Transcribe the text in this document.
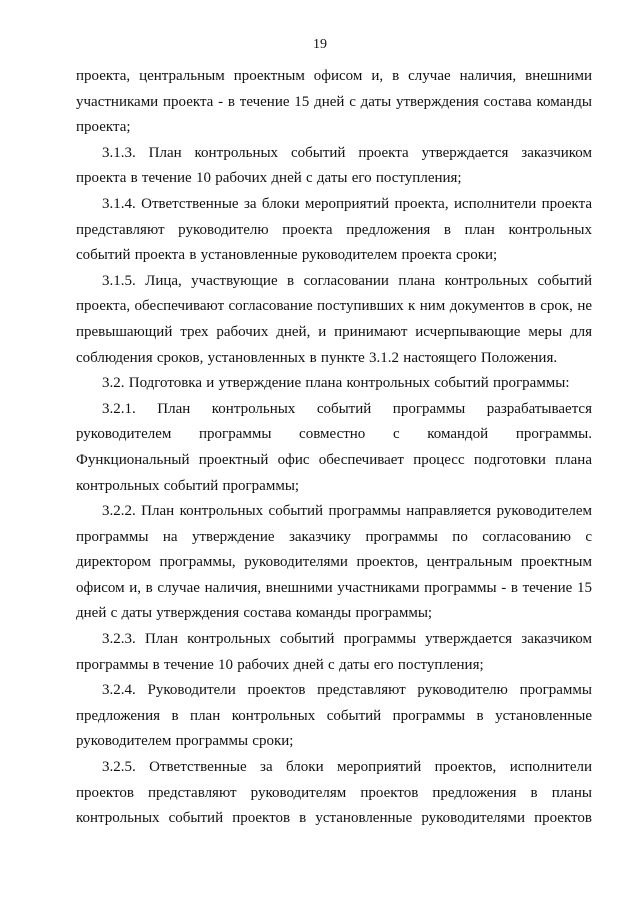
19

проекта, центральным проектным офисом и, в случае наличия, внешними участниками проекта - в течение 15 дней с даты утверждения состава команды проекта;

3.1.3. План контрольных событий проекта утверждается заказчиком проекта в течение 10 рабочих дней с даты его поступления;

3.1.4. Ответственные за блоки мероприятий проекта, исполнители проекта представляют руководителю проекта предложения в план контрольных событий проекта в установленные руководителем проекта сроки;

3.1.5. Лица, участвующие в согласовании плана контрольных событий проекта, обеспечивают согласование поступивших к ним документов в срок, не превышающий трех рабочих дней, и принимают исчерпывающие меры для соблюдения сроков, установленных в пункте 3.1.2 настоящего Положения.

3.2. Подготовка и утверждение плана контрольных событий программы:

3.2.1. План контрольных событий программы разрабатывается руководителем программы совместно с командой программы. Функциональный проектный офис обеспечивает процесс подготовки плана контрольных событий программы;

3.2.2. План контрольных событий программы направляется руководителем программы на утверждение заказчику программы по согласованию с директором программы, руководителями проектов, центральным проектным офисом и, в случае наличия, внешними участниками программы - в течение 15 дней с даты утверждения состава команды программы;

3.2.3. План контрольных событий программы утверждается заказчиком программы в течение 10 рабочих дней с даты его поступления;

3.2.4. Руководители проектов представляют руководителю программы предложения в план контрольных событий программы в установленные руководителем программы сроки;

3.2.5. Ответственные за блоки мероприятий проектов, исполнители проектов представляют руководителям проектов предложения в планы контрольных событий проектов в установленные руководителями проектов
